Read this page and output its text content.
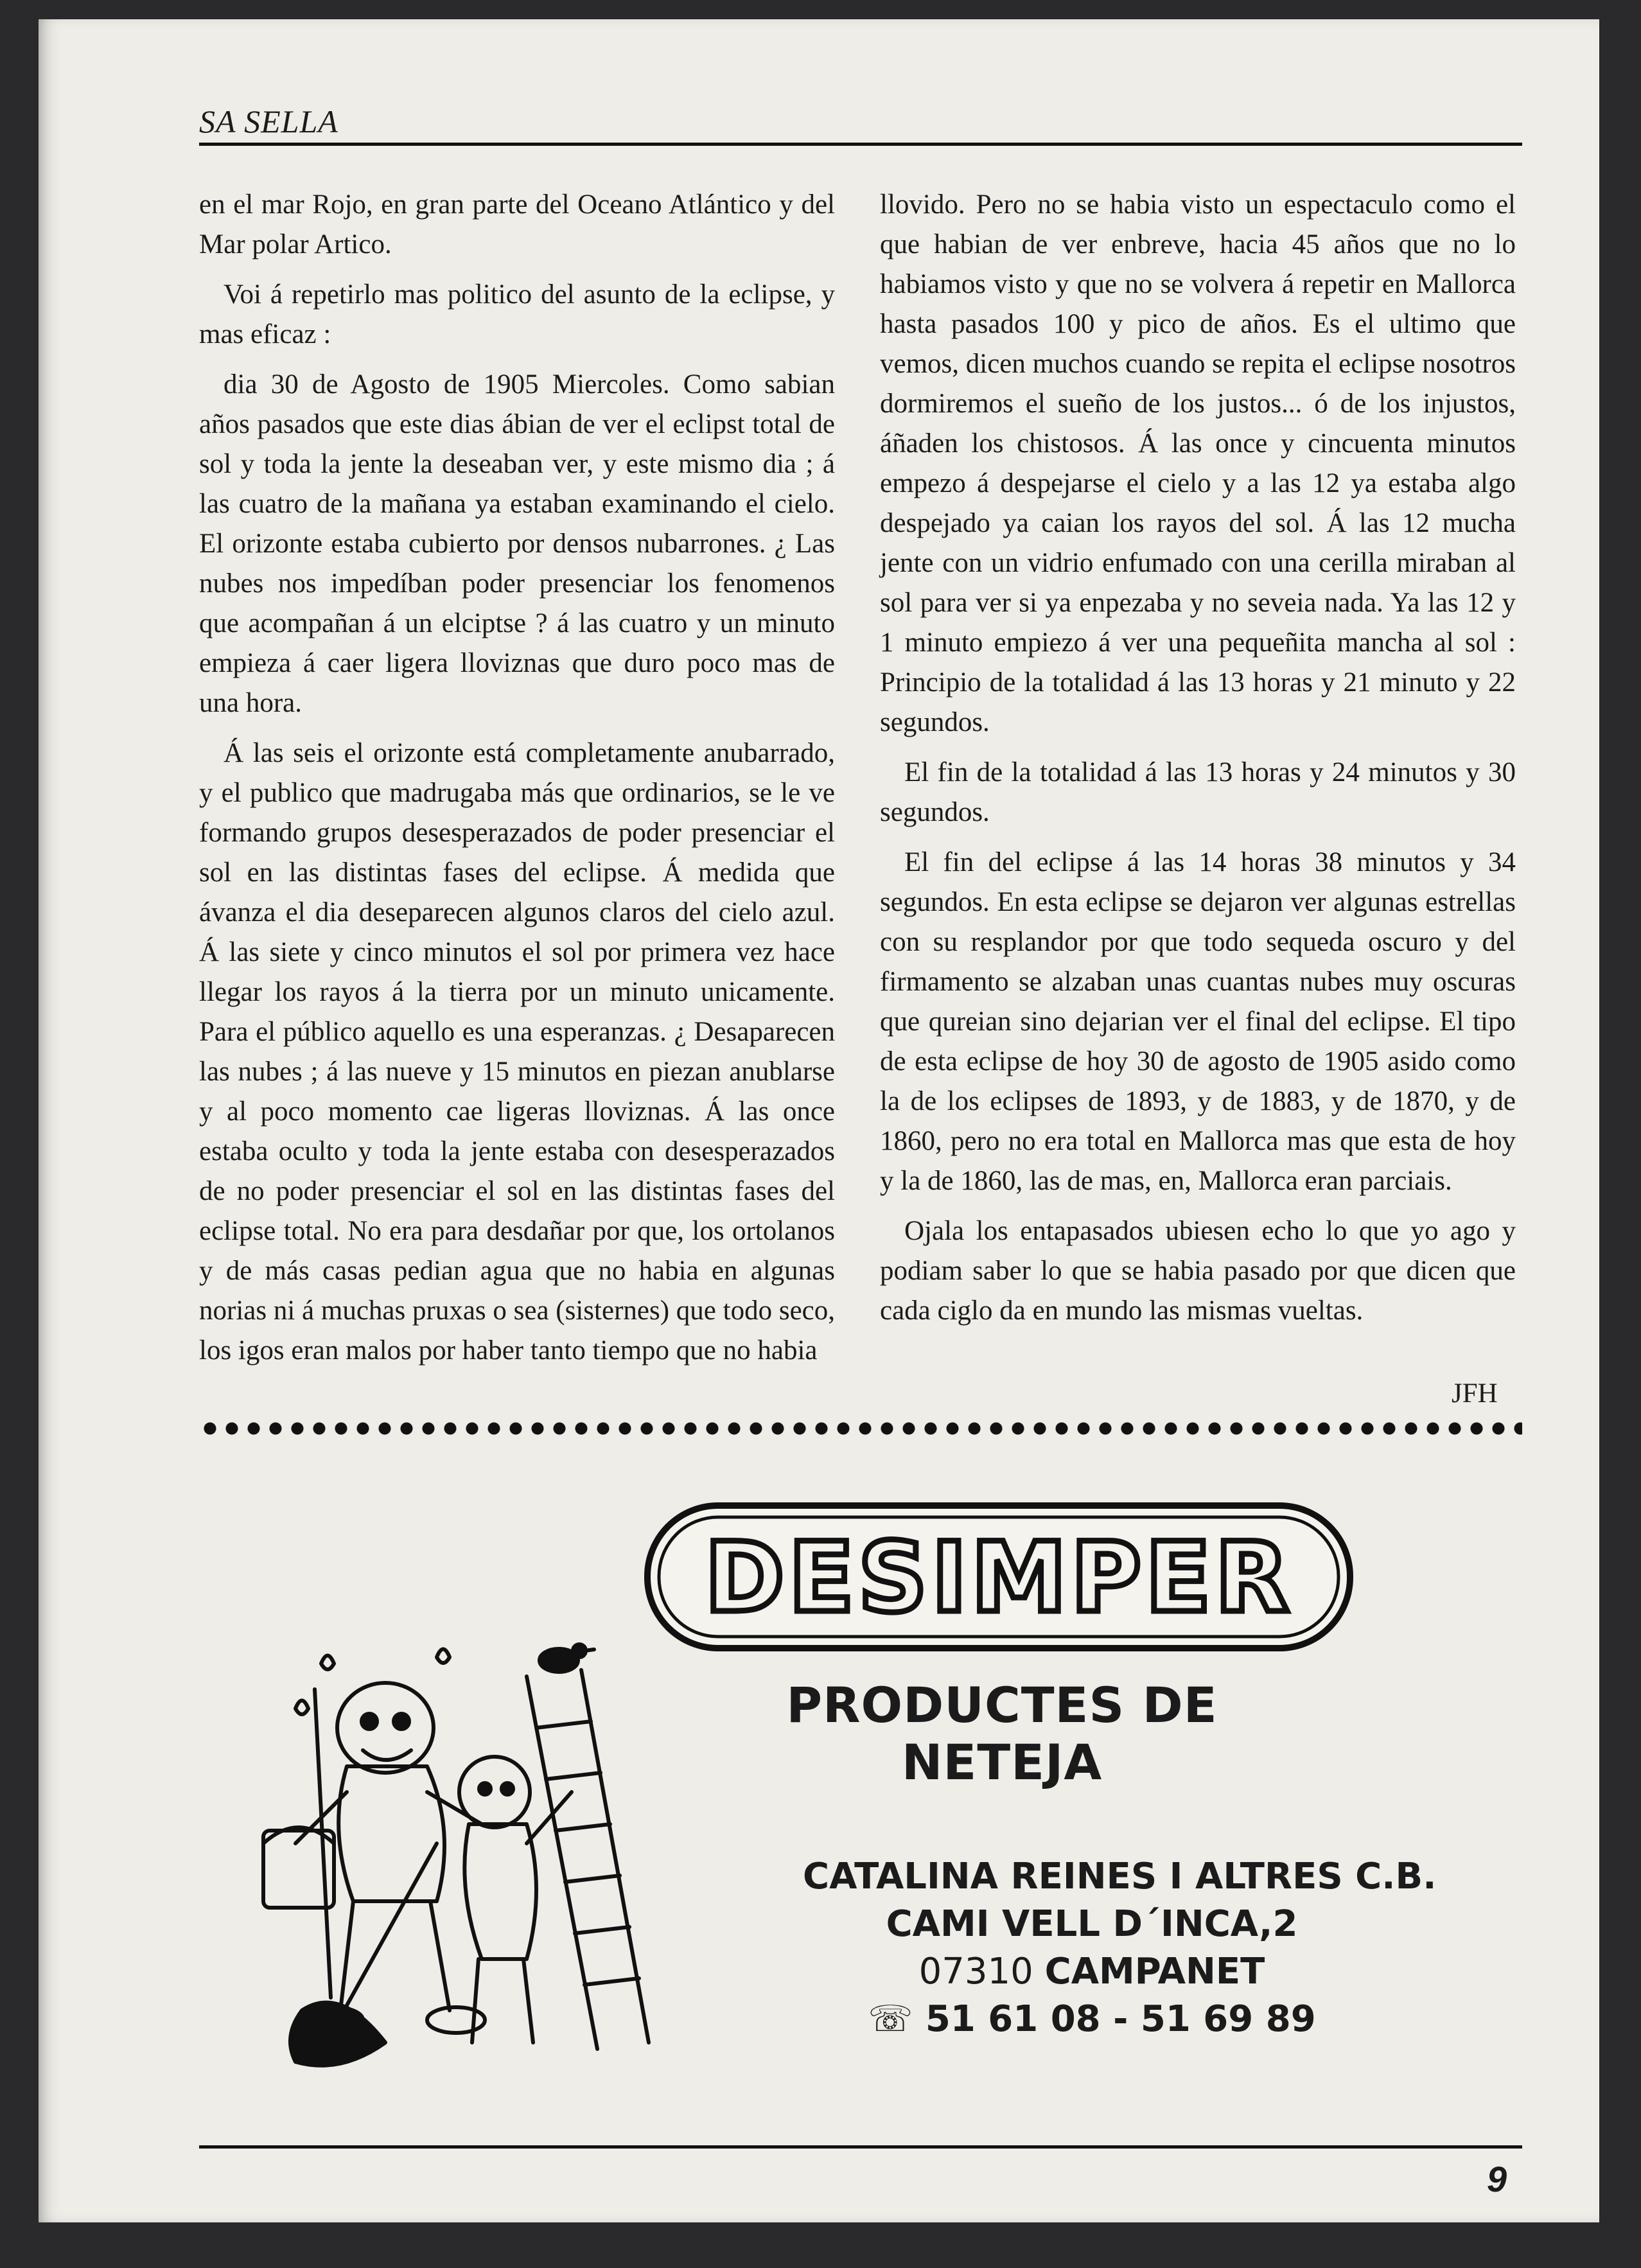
SA SELLA

en el mar Rojo, en gran parte del Oceano Atlántico y del Mar polar Artico.

Voi á repetirlo mas politico del asunto de la eclipse, y mas eficaz :

dia 30 de Agosto de 1905 Miercoles. Como sabian años pasados que este dias ábian de ver el eclipst total de sol y toda la jente la deseaban ver, y este mismo dia ; á las cuatro de la mañana ya estaban examinando el cielo. El orizonte estaba cubierto por densos nubarrones. ¿ Las nubes nos impedíban poder presenciar los fenomenos que acompañan á un elciptse ? á las cuatro y un minuto empieza á caer ligera lloviznas que duro poco mas de una hora.

Á las seis el orizonte está completamente anubarrado, y el publico que madrugaba más que ordinarios, se le ve formando grupos desesperazados de poder presenciar el sol en las distintas fases del eclipse. Á medida que ávanza el dia deseparecen algunos claros del cielo azul. Á las siete y cinco minutos el sol por primera vez hace llegar los rayos á la tierra por un minuto unicamente. Para el público aquello es una esperanzas. ¿ Desaparecen las nubes ; á las nueve y 15 minutos en piezan anublarse y al poco momento cae ligeras lloviznas. Á las once estaba oculto y toda la jente estaba con desesperazados de no poder presenciar el sol en las distintas fases del eclipse total. No era para desdañar por que, los ortolanos y de más casas pedian agua que no habia en algunas norias ni á muchas pruxas o sea (sisternes) que todo seco, los igos eran malos por haber tanto tiempo que no habia

llovido. Pero no se habia visto un espectaculo como el que habian de ver enbreve, hacia 45 años que no lo habiamos visto y que no se volvera á repetir en Mallorca hasta pasados 100 y pico de años. Es el ultimo que vemos, dicen muchos cuando se repita el eclipse nosotros dormiremos el sueño de los justos... ó de los injustos, áñaden los chistosos. Á las once y cincuenta minutos empezo á despejarse el cielo y a las 12 ya estaba algo despejado ya caian los rayos del sol. Á las 12 mucha jente con un vidrio enfumado con una cerilla miraban al sol para ver si ya enpezaba y no seveia nada. Ya las 12 y 1 minuto empiezo á ver una pequeñita mancha al sol : Principio de la totalidad á las 13 horas y 21 minuto y 22 segundos.

El fin de la totalidad á las 13 horas y 24 minutos y 30 segundos.

El fin del eclipse á las 14 horas 38 minutos y 34 segundos. En esta eclipse se dejaron ver algunas estrellas con su resplandor por que todo sequeda oscuro y del firmamento se alzaban unas cuantas nubes muy oscuras que qureian sino dejarian ver el final del eclipse. El tipo de esta eclipse de hoy 30 de agosto de 1905 asido como la de los eclipses de 1893, y de 1883, y de 1870, y de 1860, pero no era total en Mallorca mas que esta de hoy y la de 1860, las de mas, en, Mallorca eran parciais.

Ojala los entapasados ubiesen echo lo que yo ago y podiam saber lo que se habia pasado por que dicen que cada ciglo da en mundo las mismas vueltas.

JFH
DESIMPER
PRODUCTES DE NETEJA
CATALINA REINES I ALTRES C.B.
CAMI VELL D´INCA,2
07310 CAMPANET
☏ 51 61 08 - 51 69 89
9
